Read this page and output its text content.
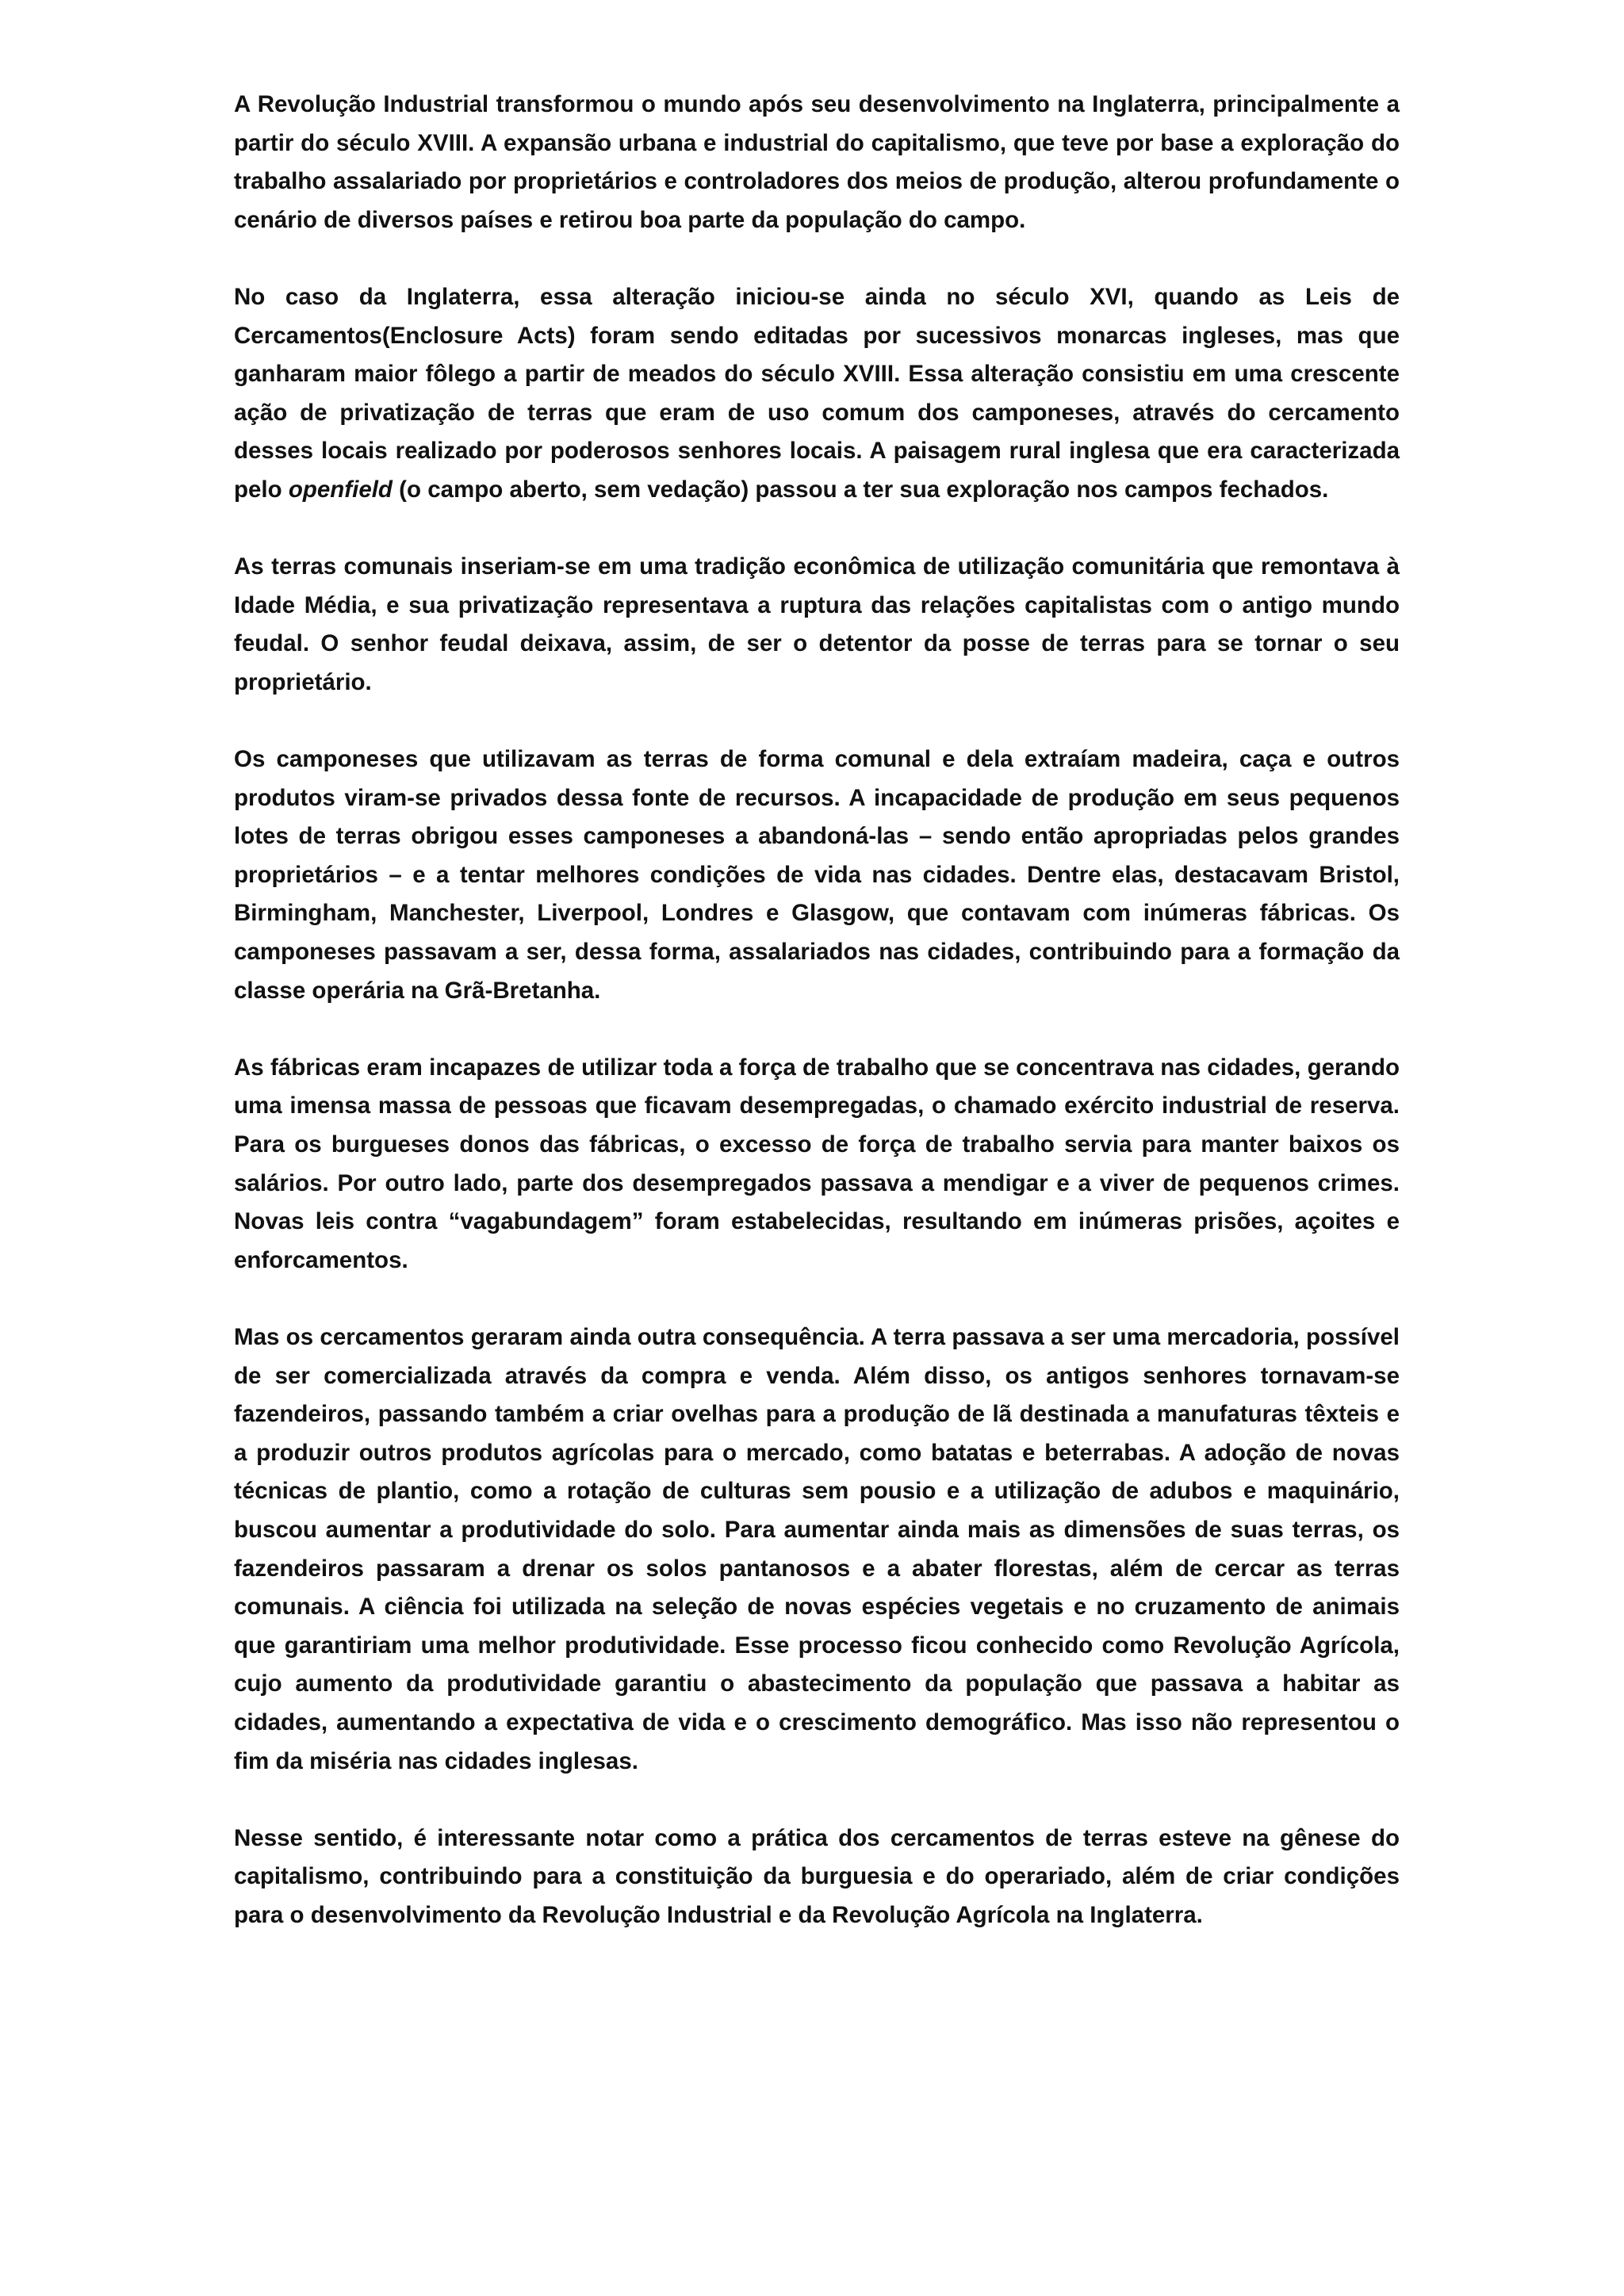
A Revolução Industrial transformou o mundo após seu desenvolvimento na Inglaterra, principalmente a partir do século XVIII. A expansão urbana e industrial do capitalismo, que teve por base a exploração do trabalho assalariado por proprietários e controladores dos meios de produção, alterou profundamente o cenário de diversos países e retirou boa parte da população do campo.

No caso da Inglaterra, essa alteração iniciou-se ainda no século XVI, quando as Leis de Cercamentos(Enclosure Acts) foram sendo editadas por sucessivos monarcas ingleses, mas que ganharam maior fôlego a partir de meados do século XVIII. Essa alteração consistiu em uma crescente ação de privatização de terras que eram de uso comum dos camponeses, através do cercamento desses locais realizado por poderosos senhores locais. A paisagem rural inglesa que era caracterizada pelo openfield (o campo aberto, sem vedação) passou a ter sua exploração nos campos fechados.

As terras comunais inseriam-se em uma tradição econômica de utilização comunitária que remontava à Idade Média, e sua privatização representava a ruptura das relações capitalistas com o antigo mundo feudal. O senhor feudal deixava, assim, de ser o detentor da posse de terras para se tornar o seu proprietário.

Os camponeses que utilizavam as terras de forma comunal e dela extraíam madeira, caça e outros produtos viram-se privados dessa fonte de recursos. A incapacidade de produção em seus pequenos lotes de terras obrigou esses camponeses a abandoná-las – sendo então apropriadas pelos grandes proprietários – e a tentar melhores condições de vida nas cidades. Dentre elas, destacavam Bristol, Birmingham, Manchester, Liverpool, Londres e Glasgow, que contavam com inúmeras fábricas. Os camponeses passavam a ser, dessa forma, assalariados nas cidades, contribuindo para a formação da classe operária na Grã-Bretanha.

As fábricas eram incapazes de utilizar toda a força de trabalho que se concentrava nas cidades, gerando uma imensa massa de pessoas que ficavam desempregadas, o chamado exército industrial de reserva. Para os burgueses donos das fábricas, o excesso de força de trabalho servia para manter baixos os salários. Por outro lado, parte dos desempregados passava a mendigar e a viver de pequenos crimes. Novas leis contra “vagabundagem” foram estabelecidas, resultando em inúmeras prisões, açoites e enforcamentos.

Mas os cercamentos geraram ainda outra consequência. A terra passava a ser uma mercadoria, possível de ser comercializada através da compra e venda. Além disso, os antigos senhores tornavam-se fazendeiros, passando também a criar ovelhas para a produção de lã destinada a manufaturas têxteis e a produzir outros produtos agrícolas para o mercado, como batatas e beterrabas. A adoção de novas técnicas de plantio, como a rotação de culturas sem pousio e a utilização de adubos e maquinário, buscou aumentar a produtividade do solo. Para aumentar ainda mais as dimensões de suas terras, os fazendeiros passaram a drenar os solos pantanosos e a abater florestas, além de cercar as terras comunais. A ciência foi utilizada na seleção de novas espécies vegetais e no cruzamento de animais que garantiriam uma melhor produtividade. Esse processo ficou conhecido como Revolução Agrícola, cujo aumento da produtividade garantiu o abastecimento da população que passava a habitar as cidades, aumentando a expectativa de vida e o crescimento demográfico. Mas isso não representou o fim da miséria nas cidades inglesas.

Nesse sentido, é interessante notar como a prática dos cercamentos de terras esteve na gênese do capitalismo, contribuindo para a constituição da burguesia e do operariado, além de criar condições para o desenvolvimento da Revolução Industrial e da Revolução Agrícola na Inglaterra.
